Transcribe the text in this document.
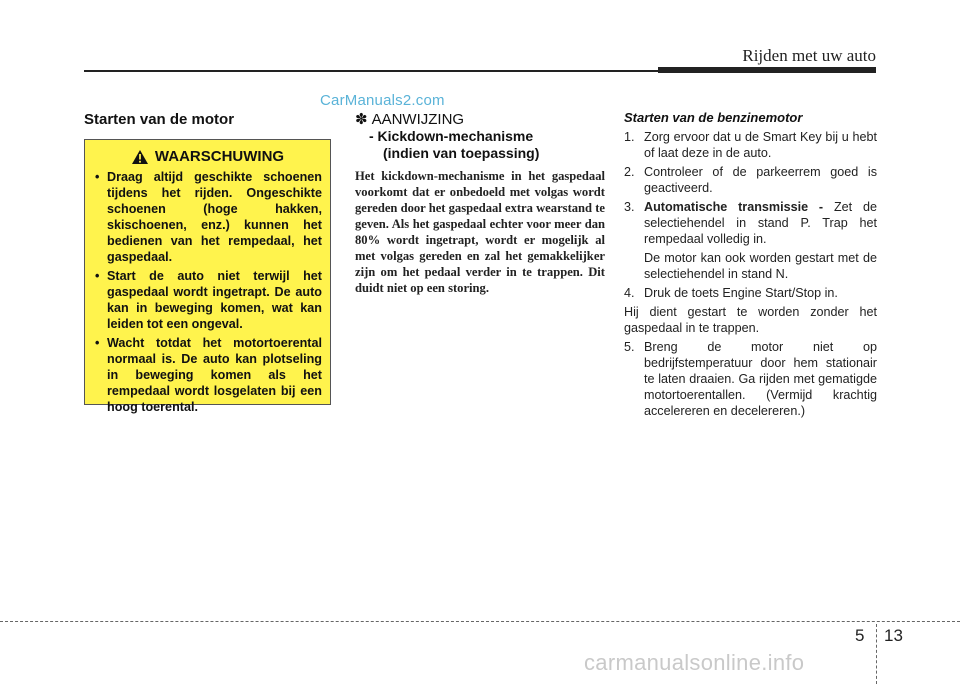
Rijden met uw auto
CarManuals2.com
Starten van de motor
WAARSCHUWING
• Draag altijd geschikte schoenen tijdens het rijden. Ongeschikte schoenen (hoge hakken, skischoenen, enz.) kunnen het bedienen van het rempedaal, het gaspedaal.
• Start de auto niet terwijl het gaspedaal wordt ingetrapt. De auto kan in beweging komen, wat kan leiden tot een ongeval.
• Wacht totdat het motortoerental normaal is. De auto kan plotseling in beweging komen als het rempedaal wordt losgelaten bij een hoog toerental.
✽ AANWIJZING
- Kickdown-mechanisme
(indien van toepassing)
Het kickdown-mechanisme in het gaspedaal voorkomt dat er onbedoeld met volgas wordt gereden door het gaspedaal extra wearstand te geven. Als het gaspedaal echter voor meer dan 80% wordt ingetrapt, wordt er mogelijk al met volgas gereden en zal het gemakkelijker zijn om het pedaal verder in te trappen. Dit duidt niet op een storing.
Starten van de benzinemotor
1. Zorg ervoor dat u de Smart Key bij u hebt of laat deze in de auto.
2. Controleer of de parkeerrem goed is geactiveerd.
3. Automatische transmissie - Zet de selectiehendel in stand P. Trap het rempedaal volledig in.
De motor kan ook worden gestart met de selectiehendel in stand N.
4. Druk de toets Engine Start/Stop in.
Hij dient gestart te worden zonder het gaspedaal in te trappen.
5. Breng de motor niet op bedrijfstemperatuur door hem stationair te laten draaien. Ga rijden met gematigde motortoerentallen. (Vermijd krachtig accelereren en decelereren.)
5 13
carmanualsonline.info
